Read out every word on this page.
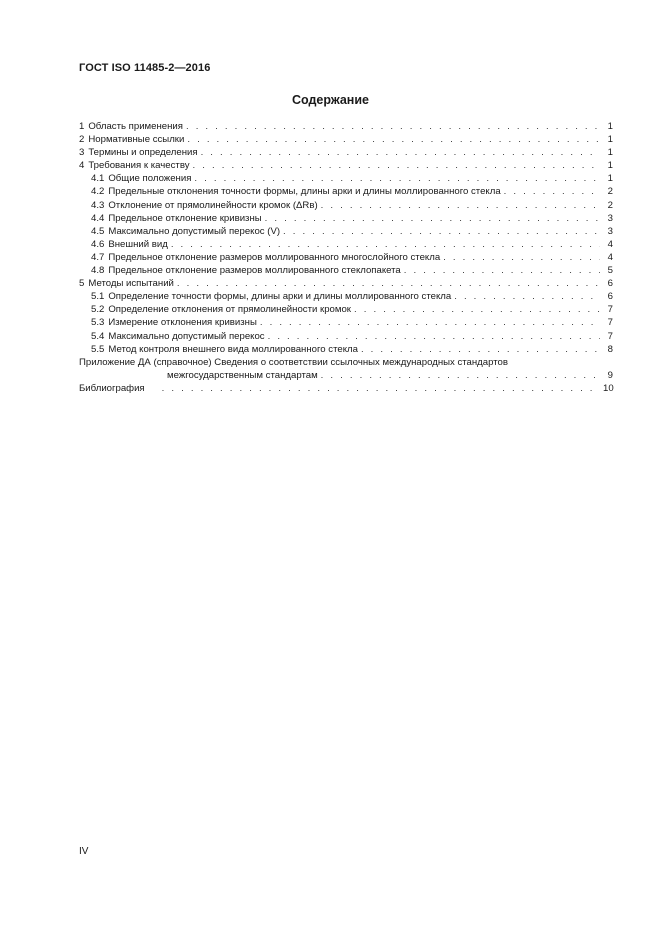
ГОСТ ISO 11485-2—2016
Содержание
1 Область применения . . .	1
2 Нормативные ссылки . . .	1
3 Термины и определения . . .	1
4 Требования к качеству . . .	1
4.1 Общие положения . . .	1
4.2 Предельные отклонения точности формы, длины арки и длины моллированного стекла . . .	2
4.3 Отклонение от прямолинейности кромок (ΔRв) . . .	2
4.4 Предельное отклонение кривизны . . .	3
4.5 Максимально допустимый перекос (V) . . .	3
4.6 Внешний вид . . .	4
4.7 Предельное отклонение размеров моллированного многослойного стекла . . .	4
4.8 Предельное отклонение размеров моллированного стеклопакета . . .	5
5 Методы испытаний . . .	6
5.1 Определение точности формы, длины арки и длины моллированного стекла . . .	6
5.2 Определение отклонения от прямолинейности кромок . . .	7
5.3 Измерение отклонения кривизны . . .	7
5.4 Максимально допустимый перекос . . .	7
5.5 Метод контроля внешнего вида моллированного стекла . . .	8
Приложение ДА (справочное) Сведения о соответствии ссылочных международных стандартов
межгосударственным стандартам . . .	9
Библиография . . .	10
IV
